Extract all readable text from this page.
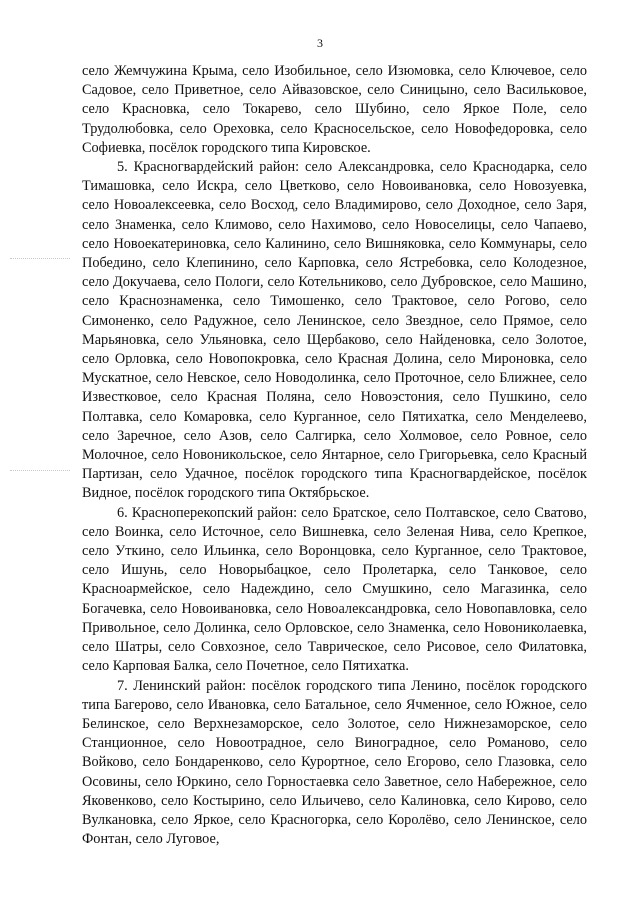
3

село Жемчужина Крыма, село Изобильное, село Изюмовка, село Ключевое, село Садовое, село Приветное, село Айвазовское, село Синицыно, село Васильковое, село Красновка, село Токарево, село Шубино, село Яркое Поле, село Трудолюбовка, село Ореховка, село Красносельское, село Новофедоровка, село Софиевка, посёлок городского типа Кировское.

5. Красногвардейский район: село Александровка, село Краснодарка, село Тимашовка, село Искра, село Цветково, село Новоивановка, село Новозуевка, село Новоалексеевка, село Восход, село Владимирово, село Доходное, село Заря, село Знаменка, село Климово, село Нахимово, село Новоселицы, село Чапаево, село Новоекатериновка, село Калинино, село Вишняковка, село Коммунары, село Побединo, село Клепинино, село Карповка, село Ястребовка, село Колодезное, село Докучаева, село Пологи, село Котельниково, село Дубровское, село Машино, село Краснознаменка, село Тимошенко, село Трактовое, село Рогово, село Симоненко, село Радужное, село Ленинское, село Звездное, село Прямое, село Марьяновка, село Ульяновка, село Щербаково, село Найденовка, село Золотое, село Орловка, село Новопокровка, село Красная Долина, село Мироновка, село Мускатное, село Невское, село Новодолинка, село Проточное, село Ближнее, село Известковое, село Красная Поляна, село Новоэстония, село Пушкино, село Полтавка, село Комаровка, село Курганное, село Пятихатка, село Менделеево, село Заречное, село Азов, село Салгирка, село Холмовое, село Ровное, село Молочное, село Новоникольское, село Янтарное, село Григорьевка, село Красный Партизан, село Удачное, посёлок городского типа Красногвардейское, посёлок Видное, посёлок городского типа Октябрьское.

6. Красноперекопский район: село Братское, село Полтавское, село Сватово, село Воинка, село Источное, село Вишневка, село Зеленая Нива, село Крепкое, село Уткино, село Ильинка, село Воронцовка, село Курганное, село Трактовое, село Ишунь, село Новорыбацкое, село Пролетарка, село Танковое, село Красноармейское, село Надеждино, село Смушкино, село Магазинка, село Богачевка, село Новоивановка, село Новоалександровка, село Новопавловка, село Привольное, село Долинка, село Орловское, село Знаменка, село Новониколаевка, село Шатры, село Совхозное, село Таврическое, село Рисовое, село Филатовка, село Карповая Балка, село Почетное, село Пятихатка.

7. Ленинский район: посёлок городского типа Ленино, посёлок городского типа Багерово, село Ивановка, село Батальное, село Ячменное, село Южное, село Белинское, село Верхнезаморское, село Золотое, село Нижнезаморское, село Станционное, село Новоотрадное, село Виноградное, село Романово, село Войково, село Бондаренково, село Курортное, село Егорово, село Глазовка, село Осовины, село Юркино, село Горностаевка село Заветное, село Набережное, село Яковенково, село Костырино, село Ильичево, село Калиновка, село Кирово, село Вулкановка, село Яркое, село Красногорка, село Королёво, село Ленинское, село Фонтан, село Луговое,
